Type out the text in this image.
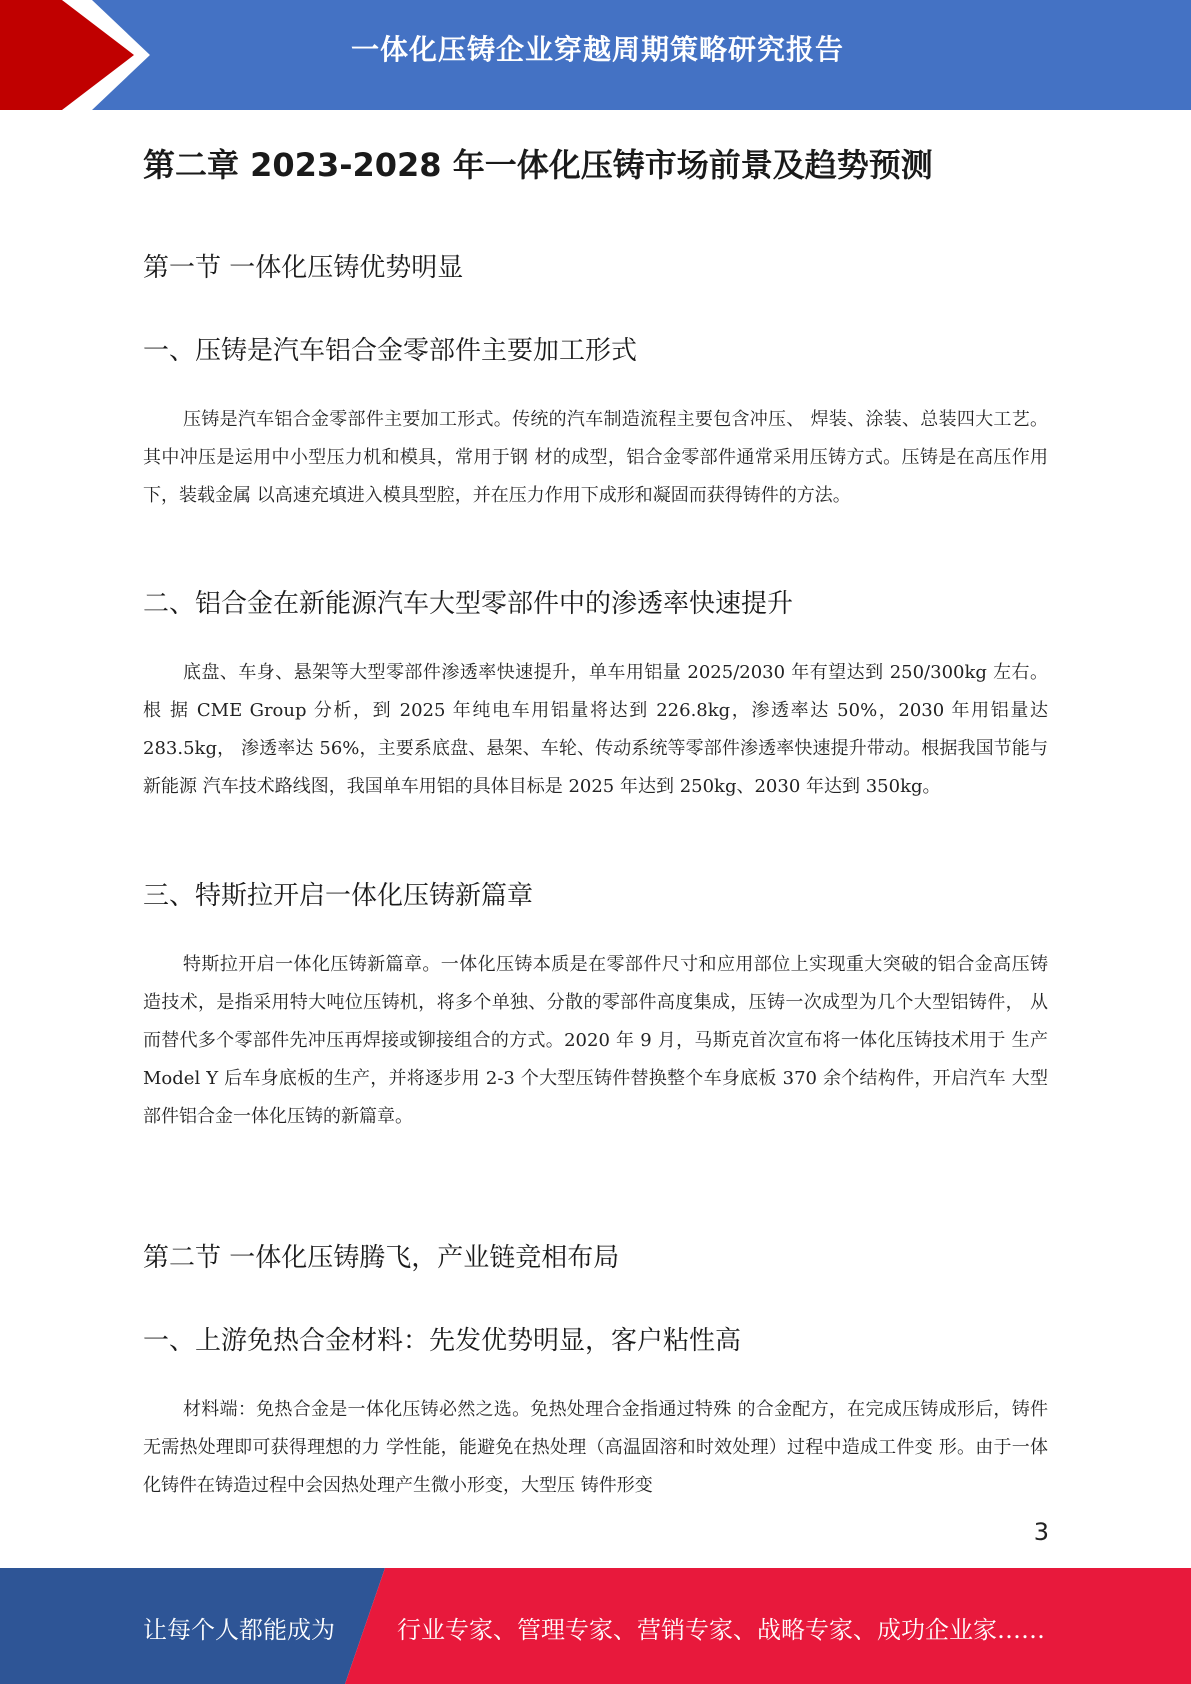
一体化压铸企业穿越周期策略研究报告
第二章 2023-2028 年一体化压铸市场前景及趋势预测
第一节 一体化压铸优势明显
一、压铸是汽车铝合金零部件主要加工形式
压铸是汽车铝合金零部件主要加工形式。传统的汽车制造流程主要包含冲压、 焊装、涂装、总装四大工艺。其中冲压是运用中小型压力机和模具，常用于钢 材的成型，铝合金零部件通常采用压铸方式。压铸是在高压作用下，装载金属 以高速充填进入模具型腔，并在压力作用下成形和凝固而获得铸件的方法。
二、铝合金在新能源汽车大型零部件中的渗透率快速提升
底盘、车身、悬架等大型零部件渗透率快速提升，单车用铝量 2025/2030 年有望达到 250/300kg 左右。根 据 CME Group 分析，到 2025 年纯电车用铝量将达到 226.8kg，渗透率达 50%，2030 年用铝量达 283.5kg， 渗透率达 56%，主要系底盘、悬架、车轮、传动系统等零部件渗透率快速提升带动。根据我国节能与新能源 汽车技术路线图，我国单车用铝的具体目标是 2025 年达到 250kg、2030 年达到 350kg。
三、特斯拉开启一体化压铸新篇章
特斯拉开启一体化压铸新篇章。一体化压铸本质是在零部件尺寸和应用部位上实现重大突破的铝合金高压铸 造技术，是指采用特大吨位压铸机，将多个单独、分散的零部件高度集成，压铸一次成型为几个大型铝铸件， 从而替代多个零部件先冲压再焊接或铆接组合的方式。2020 年 9 月，马斯克首次宣布将一体化压铸技术用于 生产 Model Y 后车身底板的生产，并将逐步用 2-3 个大型压铸件替换整个车身底板 370 余个结构件，开启汽车 大型部件铝合金一体化压铸的新篇章。
第二节 一体化压铸腾飞，产业链竞相布局
一、上游免热合金材料：先发优势明显，客户粘性高
材料端：免热合金是一体化压铸必然之选。免热处理合金指通过特殊 的合金配方，在完成压铸成形后，铸件无需热处理即可获得理想的力 学性能，能避免在热处理（高温固溶和时效处理）过程中造成工件变 形。由于一体化铸件在铸造过程中会因热处理产生微小形变，大型压 铸件形变
3
让每个人都能成为	行业专家、管理专家、营销专家、战略专家、成功企业家……
